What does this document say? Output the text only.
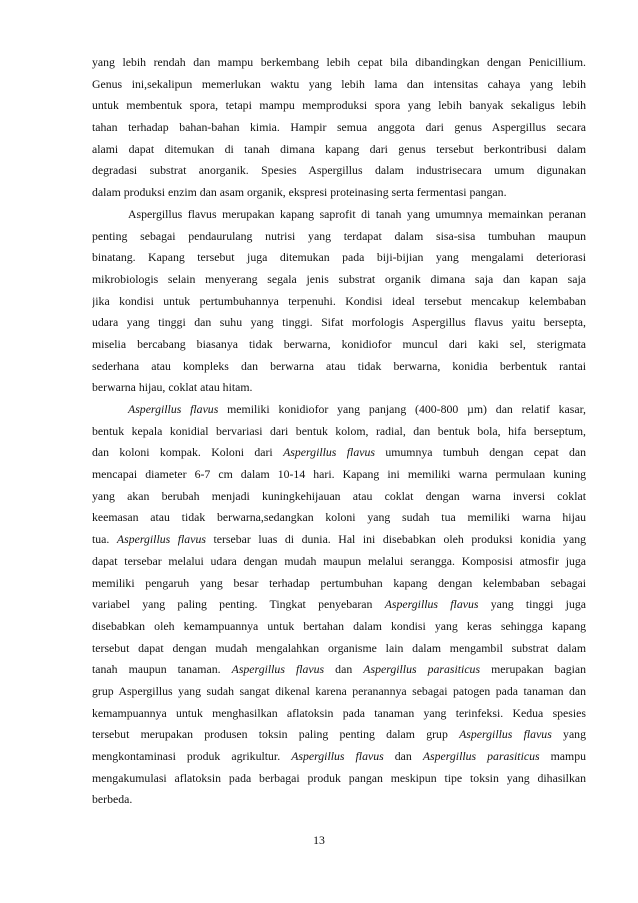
yang lebih rendah dan mampu berkembang lebih cepat bila dibandingkan dengan Penicillium.
Genus ini,sekalipun memerlukan waktu yang lebih lama dan intensitas cahaya yang lebih
untuk membentuk spora, tetapi mampu memproduksi spora yang lebih banyak sekaligus lebih
tahan terhadap bahan-bahan kimia. Hampir semua anggota dari genus Aspergillus secara
alami dapat ditemukan di tanah dimana kapang dari genus tersebut berkontribusi dalam
degradasi substrat anorganik. Spesies Aspergillus dalam industrisecara umum digunakan
dalam produksi enzim dan asam organik, ekspresi proteinasing serta fermentasi pangan.
Aspergillus flavus merupakan kapang saprofit di tanah yang umumnya memainkan peranan
penting sebagai pendaurulang nutrisi yang terdapat dalam sisa-sisa tumbuhan maupun
binatang. Kapang tersebut juga ditemukan pada biji-bijian yang mengalami deteriorasi
mikrobiologis selain menyerang segala jenis substrat organik dimana saja dan kapan saja
jika kondisi untuk pertumbuhannya terpenuhi. Kondisi ideal tersebut mencakup kelembaban
udara yang tinggi dan suhu yang tinggi. Sifat morfologis Aspergillus flavus yaitu bersepta,
miselia bercabang biasanya tidak berwarna, konidiofor muncul dari kaki sel, sterigmata
sederhana atau kompleks dan berwarna atau tidak berwarna, konidia berbentuk rantai
berwarna hijau, coklat atau hitam.
Aspergillus flavus memiliki konidiofor yang panjang (400-800 µm) dan relatif kasar,
bentuk kepala konidial bervariasi dari bentuk kolom, radial, dan bentuk bola, hifa berseptum,
dan koloni kompak. Koloni dari Aspergillus flavus umumnya tumbuh dengan cepat dan
mencapai diameter 6-7 cm dalam 10-14 hari. Kapang ini memiliki warna permulaan kuning
yang akan berubah menjadi kuningkehijauan atau coklat dengan warna inversi coklat
keemasan atau tidak berwarna,sedangkan koloni yang sudah tua memiliki warna hijau
tua. Aspergillus flavus tersebar luas di dunia. Hal ini disebabkan oleh produksi konidia yang
dapat tersebar melalui udara dengan mudah maupun melalui serangga. Komposisi atmosfir juga
memiliki pengaruh yang besar terhadap pertumbuhan kapang dengan kelembaban sebagai
variabel yang paling penting. Tingkat penyebaran Aspergillus flavus yang tinggi juga
disebabkan oleh kemampuannya untuk bertahan dalam kondisi yang keras sehingga kapang
tersebut dapat dengan mudah mengalahkan organisme lain dalam mengambil substrat dalam
tanah maupun tanaman. Aspergillus flavus dan Aspergillus parasiticus merupakan bagian
grup Aspergillus yang sudah sangat dikenal karena peranannya sebagai patogen pada tanaman dan
kemampuannya untuk menghasilkan aflatoksin pada tanaman yang terinfeksi. Kedua spesies
tersebut merupakan produsen toksin paling penting dalam grup Aspergillus flavus yang
mengkontaminasi produk agrikultur. Aspergillus flavus dan Aspergillus parasiticus mampu
mengakumulasi aflatoksin pada berbagai produk pangan meskipun tipe toksin yang dihasilkan
berbeda.
13
